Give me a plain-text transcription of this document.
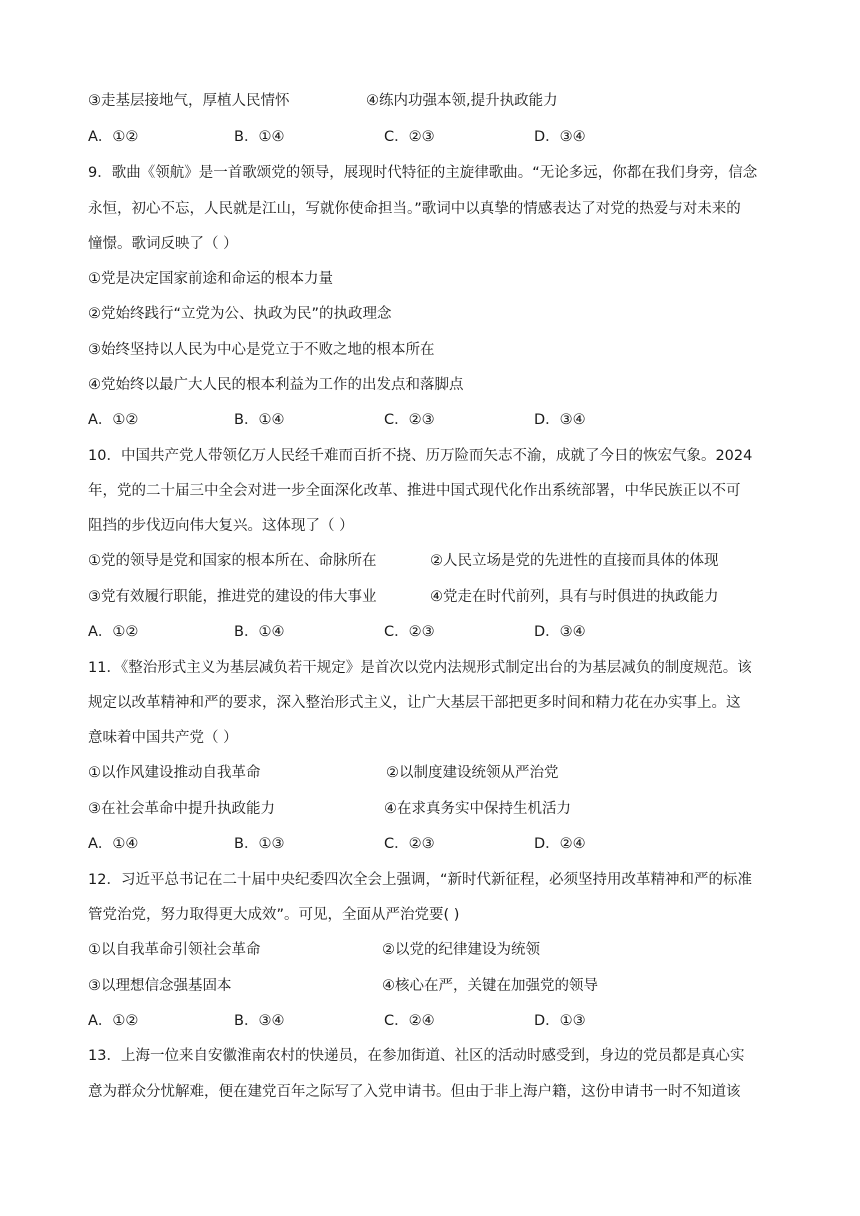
③走基层接地气，厚植人民情怀	④练内功强本领,提升执政能力
A．①②	B．①④	C．②③	D．③④
9．歌曲《领航》是一首歌颂党的领导，展现时代特征的主旋律歌曲。“无论多远，你都在我们身旁，信念
永恒，初心不忘，人民就是江山，写就你使命担当。”歌词中以真挚的情感表达了对党的热爱与对未来的
憧憬。歌词反映了（ ）
①党是决定国家前途和命运的根本力量
②党始终践行“立党为公、执政为民”的执政理念
③始终坚持以人民为中心是党立于不败之地的根本所在
④党始终以最广大人民的根本利益为工作的出发点和落脚点
A．①②	B．①④	C．②③	D．③④
10．中国共产党人带领亿万人民经千难而百折不挠、历万险而矢志不渝，成就了今日的恢宏气象。2024
年，党的二十届三中全会对进一步全面深化改革、推进中国式现代化作出系统部署，中华民族正以不可
阻挡的步伐迈向伟大复兴。这体现了（ ）
①党的领导是党和国家的根本所在、命脉所在	②人民立场是党的先进性的直接而具体的体现
③党有效履行职能，推进党的建设的伟大事业	④党走在时代前列，具有与时俱进的执政能力
A．①②	B．①④	C．②③	D．③④
11．《整治形式主义为基层减负若干规定》是首次以党内法规形式制定出台的为基层减负的制度规范。该
规定以改革精神和严的要求，深入整治形式主义，让广大基层干部把更多时间和精力花在办实事上。这
意味着中国共产党（ ）
①以作风建设推动自我革命	②以制度建设统领从严治党
③在社会革命中提升执政能力	④在求真务实中保持生机活力
A．①④	B．①③	C．②③	D．②④
12．习近平总书记在二十届中央纪委四次全会上强调，“新时代新征程，必须坚持用改革精神和严的标准
管党治党，努力取得更大成效”。可见，全面从严治党要( )
①以自我革命引领社会革命	②以党的纪律建设为统领
③以理想信念强基固本	④核心在严，关键在加强党的领导
A．①②	B．③④	C．②④	D．①③
13．上海一位来自安徽淮南农村的快递员，在参加街道、社区的活动时感受到，身边的党员都是真心实
意为群众分忧解难，便在建党百年之际写了入党申请书。但由于非上海户籍，这份申请书一时不知道该
